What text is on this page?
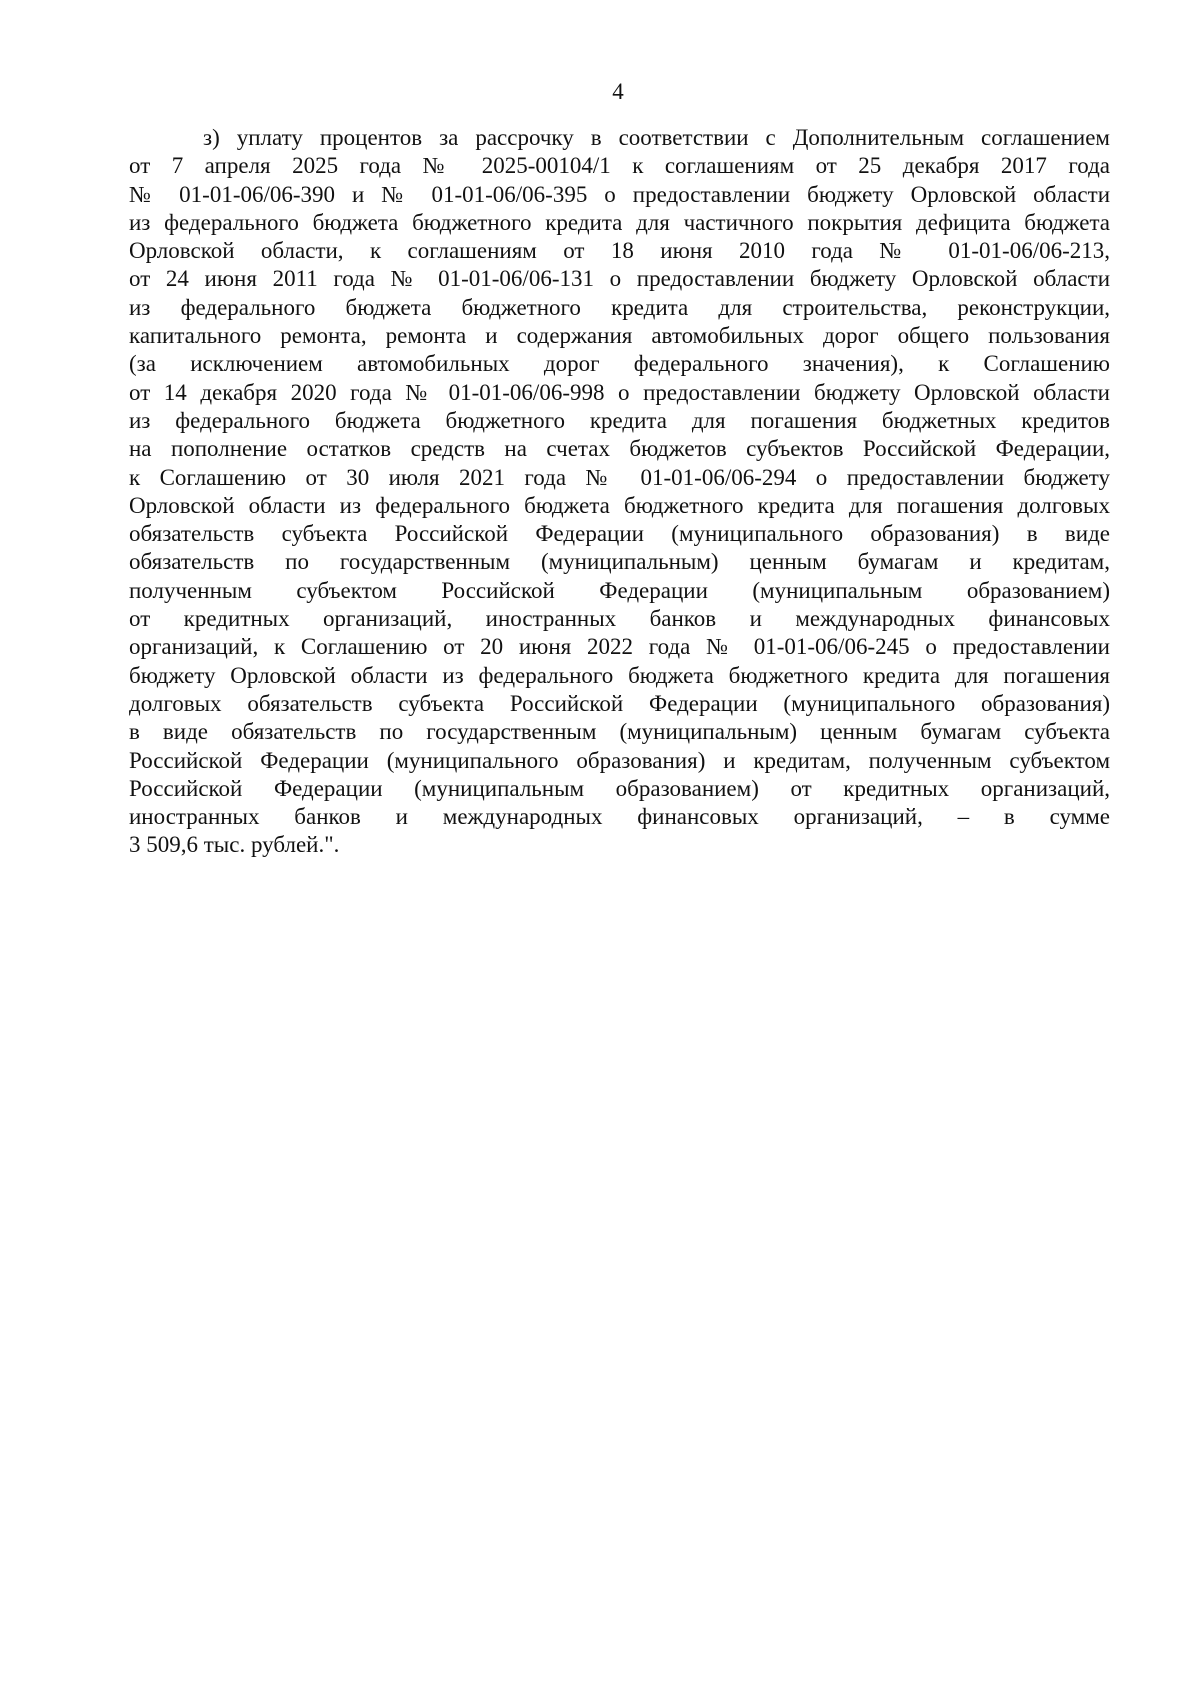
4
з) уплату процентов за рассрочку в соответствии с Дополнительным соглашением
от 7 апреля 2025 года № 2025-00104/1 к соглашениям от 25 декабря 2017 года
№ 01-01-06/06-390 и № 01-01-06/06-395 о предоставлении бюджету Орловской области
из федерального бюджета бюджетного кредита для частичного покрытия дефицита бюджета
Орловской области, к соглашениям от 18 июня 2010 года № 01-01-06/06-213,
от 24 июня 2011 года № 01-01-06/06-131 о предоставлении бюджету Орловской области
из федерального бюджета бюджетного кредита для строительства, реконструкции,
капитального ремонта, ремонта и содержания автомобильных дорог общего пользования
(за исключением автомобильных дорог федерального значения), к Соглашению
от 14 декабря 2020 года № 01-01-06/06-998 о предоставлении бюджету Орловской области
из федерального бюджета бюджетного кредита для погашения бюджетных кредитов
на пополнение остатков средств на счетах бюджетов субъектов Российской Федерации,
к Соглашению от 30 июля 2021 года № 01-01-06/06-294 о предоставлении бюджету
Орловской области из федерального бюджета бюджетного кредита для погашения долговых
обязательств субъекта Российской Федерации (муниципального образования) в виде
обязательств по государственным (муниципальным) ценным бумагам и кредитам,
полученным субъектом Российской Федерации (муниципальным образованием)
от кредитных организаций, иностранных банков и международных финансовых
организаций, к Соглашению от 20 июня 2022 года № 01-01-06/06-245 о предоставлении
бюджету Орловской области из федерального бюджета бюджетного кредита для погашения
долговых обязательств субъекта Российской Федерации (муниципального образования)
в виде обязательств по государственным (муниципальным) ценным бумагам субъекта
Российской Федерации (муниципального образования) и кредитам, полученным субъектом
Российской Федерации (муниципальным образованием) от кредитных организаций,
иностранных банков и международных финансовых организаций, – в сумме
3 509,6 тыс. рублей.".
